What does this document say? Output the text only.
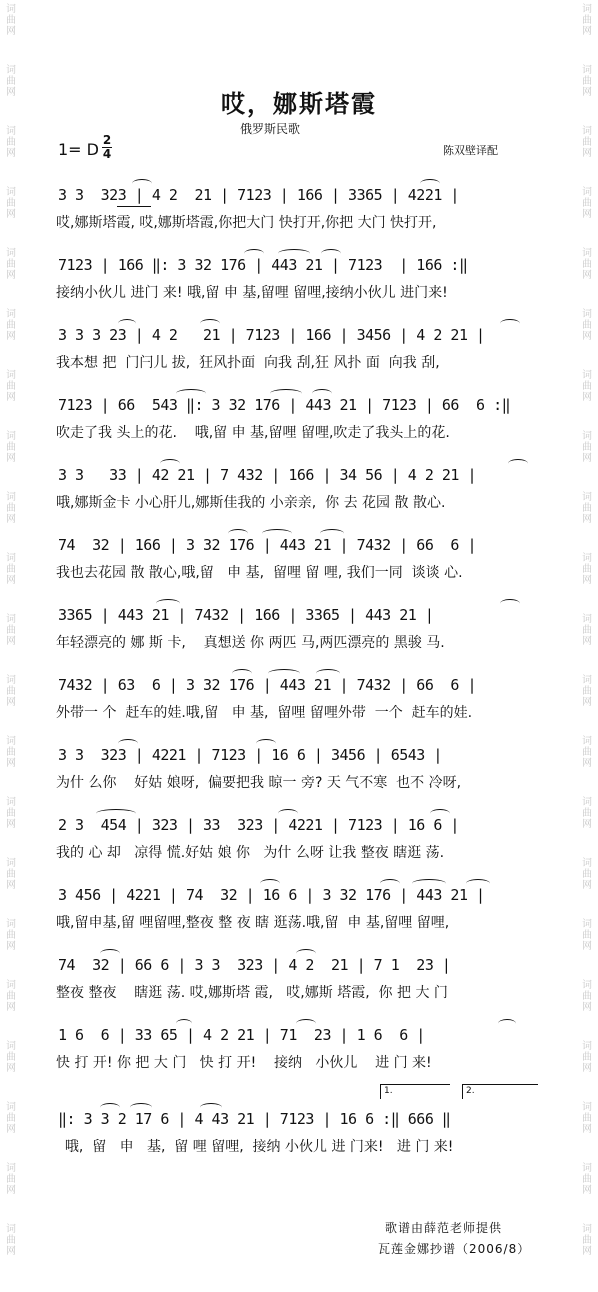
词
曲
网
词
曲
网
词
曲
网
词
曲
网
词
曲
网
词
曲
网
词
曲
网
词
曲
网
词
曲
网
词
曲
网
词
曲
网
词
曲
网
词
曲
网
词
曲
网
词
曲
网
词
曲
网
词
曲
网
词
曲
网
词
曲
网
词
曲
网
词
曲
网
词
曲
网
词
曲
网
词
曲
网
词
曲
网
词
曲
网
词
曲
网
词
曲
网
词
曲
网
词
曲
网
词
曲
网
词
曲
网
词
曲
网
词
曲
网
词
曲
网
词
曲
网
词
曲
网
词
曲
网
词
曲
网
词
曲
网
词
曲
网
词
曲
网
哎，娜斯塔霞
俄罗斯民歌
1= D 2
4	陈双壁译配
3 3  323 | 4 2  21 | 7123 | 166 | 3365 | 4221 |
哎,娜斯塔霞, 哎,娜斯塔霞,你把大门 快打开,你把 大门 快打开,
7123 | 166 ‖: 3 32 176 | 443 21 | 7123  | 166 :‖
接纳小伙儿 进门 来! 哦,留 申 基,留哩 留哩,接纳小伙儿 进门来!
3 3 3 23 | 4 2   21 | 7123 | 166 | 3456 | 4 2 21 |
我本想 把  门闩儿 拔,  狂风扑面  向我 刮,狂 风扑 面  向我 刮,
7123 | 66  543 ‖: 3 32 176 | 443 21 | 7123 | 66  6 :‖
吹走了我 头上的花.    哦,留 申 基,留哩 留哩,吹走了我头上的花.
3 3   33 | 42 21 | 7 432 | 166 | 34 56 | 4 2 21 |
哦,娜斯金卡 小心肝儿,娜斯佳我的 小亲亲,  你 去 花园 散 散心.
74  32 | 166 | 3 32 176 | 443 21 | 7432 | 66  6 |
我也去花园 散 散心,哦,留   申 基,  留哩 留 哩, 我们一同  谈谈 心.
3365 | 443 21 | 7432 | 166 | 3365 | 443 21 |
年轻漂亮的 娜 斯 卡,    真想送 你 两匹 马,两匹漂亮的 黑骏 马.
7432 | 63  6 | 3 32 176 | 443 21 | 7432 | 66  6 |
外带一 个  赶车的娃.哦,留   申 基,  留哩 留哩外带  一个  赶车的娃.
3 3  323 | 4221 | 7123 | 16 6 | 3456 | 6543 |
为什 么你    好姑 娘呀,  偏要把我 晾一 旁? 天 气不寒  也不 冷呀,
2 3  454 | 323 | 33  323 | 4221 | 7123 | 16 6 |
我的 心 却   凉得 慌.好姑 娘 你   为什 么呀 让我 整夜 瞎逛 荡.
3 456 | 4221 | 74  32 | 16 6 | 3 32 176 | 443 21 |
哦,留申基,留 哩留哩,整夜 整 夜 瞎 逛荡.哦,留  申 基,留哩 留哩,
74  32 | 66 6 | 3 3  323 | 4 2  21 | 7 1  23 |
整夜 整夜    瞎逛 荡. 哎,娜斯塔 霞,   哎,娜斯 塔霞,  你 把 大 门
1 6  6 | 33 65 | 4 2 21 | 71  23 | 1 6  6 |
快 打 开! 你 把 大 门   快 打 开!    接纳   小伙儿    进 门 来!
1.	2.
‖: 3 3 2 17 6 | 4 43 21 | 7123 | 16 6 :‖ 666 ‖
哦,  留   申   基,  留 哩 留哩,  接纳 小伙儿 进 门来!   进 门 来!
歌谱由薛范老师提供
瓦莲金娜抄谱（2006/8）
